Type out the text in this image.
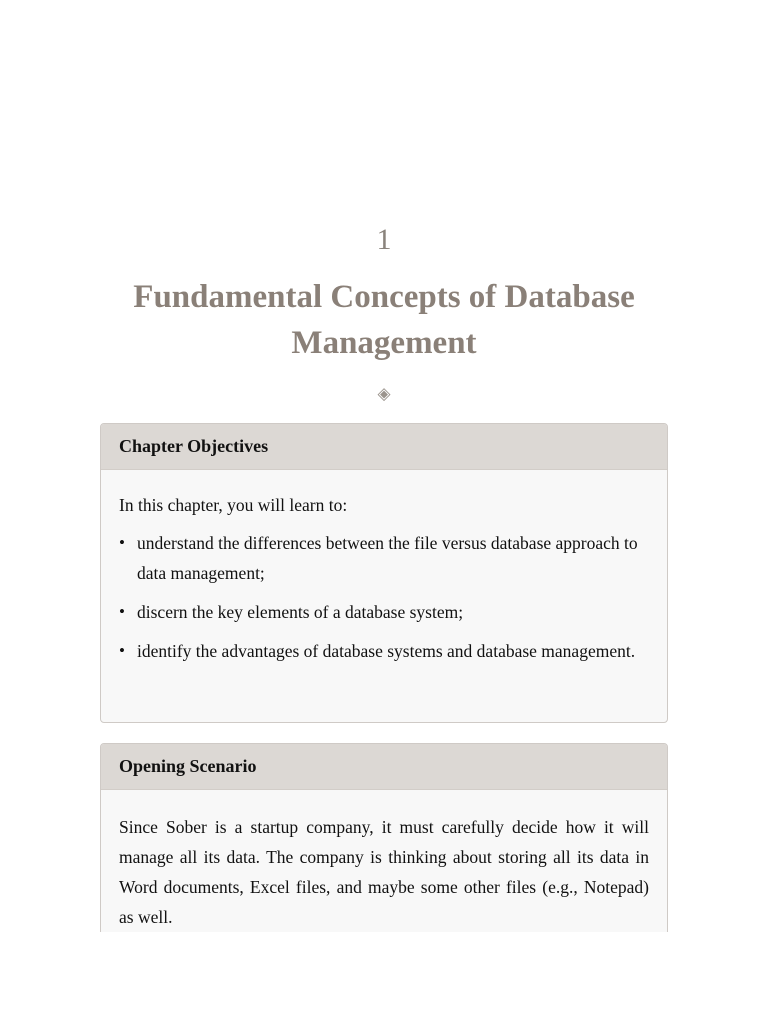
1
Fundamental Concepts of Database Management
◈
Chapter Objectives
In this chapter, you will learn to:
• understand the differences between the file versus database approach to data management;
• discern the key elements of a database system;
• identify the advantages of database systems and database management.
Opening Scenario

Since Sober is a startup company, it must carefully decide how it will manage all its data. The company is thinking about storing all its data in Word documents, Excel files, and maybe some other files (e.g., Notepad) as well.
